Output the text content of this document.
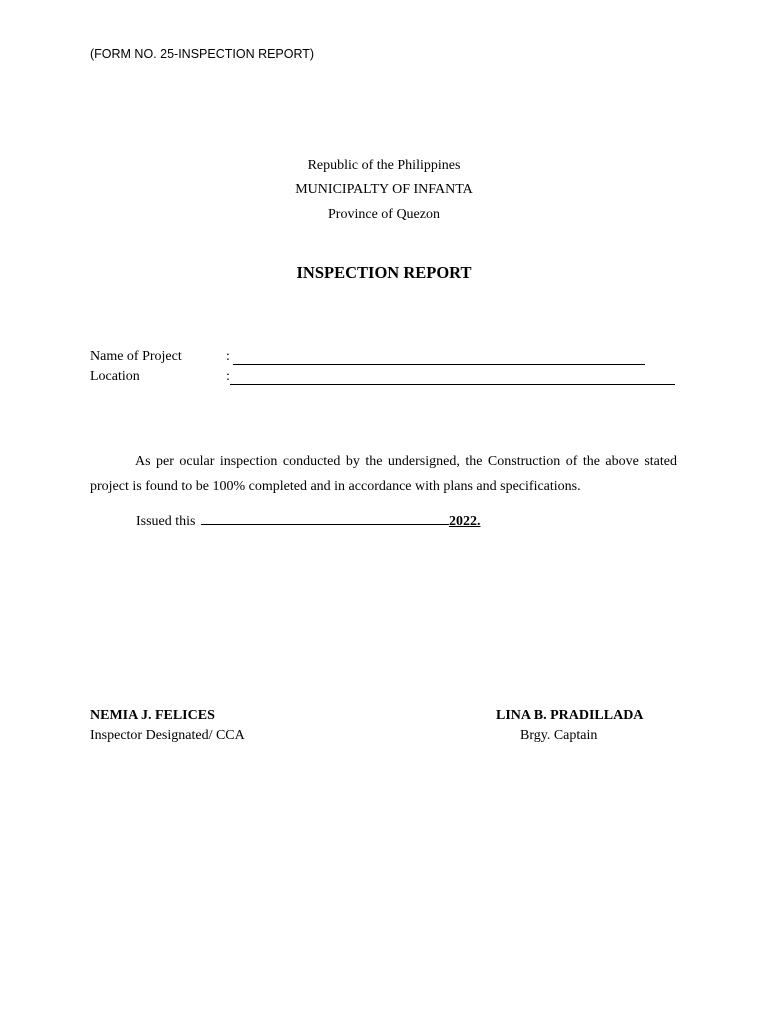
(FORM NO. 25-INSPECTION REPORT)
Republic of the Philippines
MUNICIPALTY OF INFANTA
Province of Quezon
INSPECTION REPORT
Name of Project	:
Location	:
As per ocular inspection conducted by the undersigned, the Construction of the above stated project is found to be 100% completed and in accordance with plans and specifications.
Issued this	2022.
NEMIA J. FELICES
Inspector Designated/ CCA
LINA B. PRADILLADA
Brgy. Captain
